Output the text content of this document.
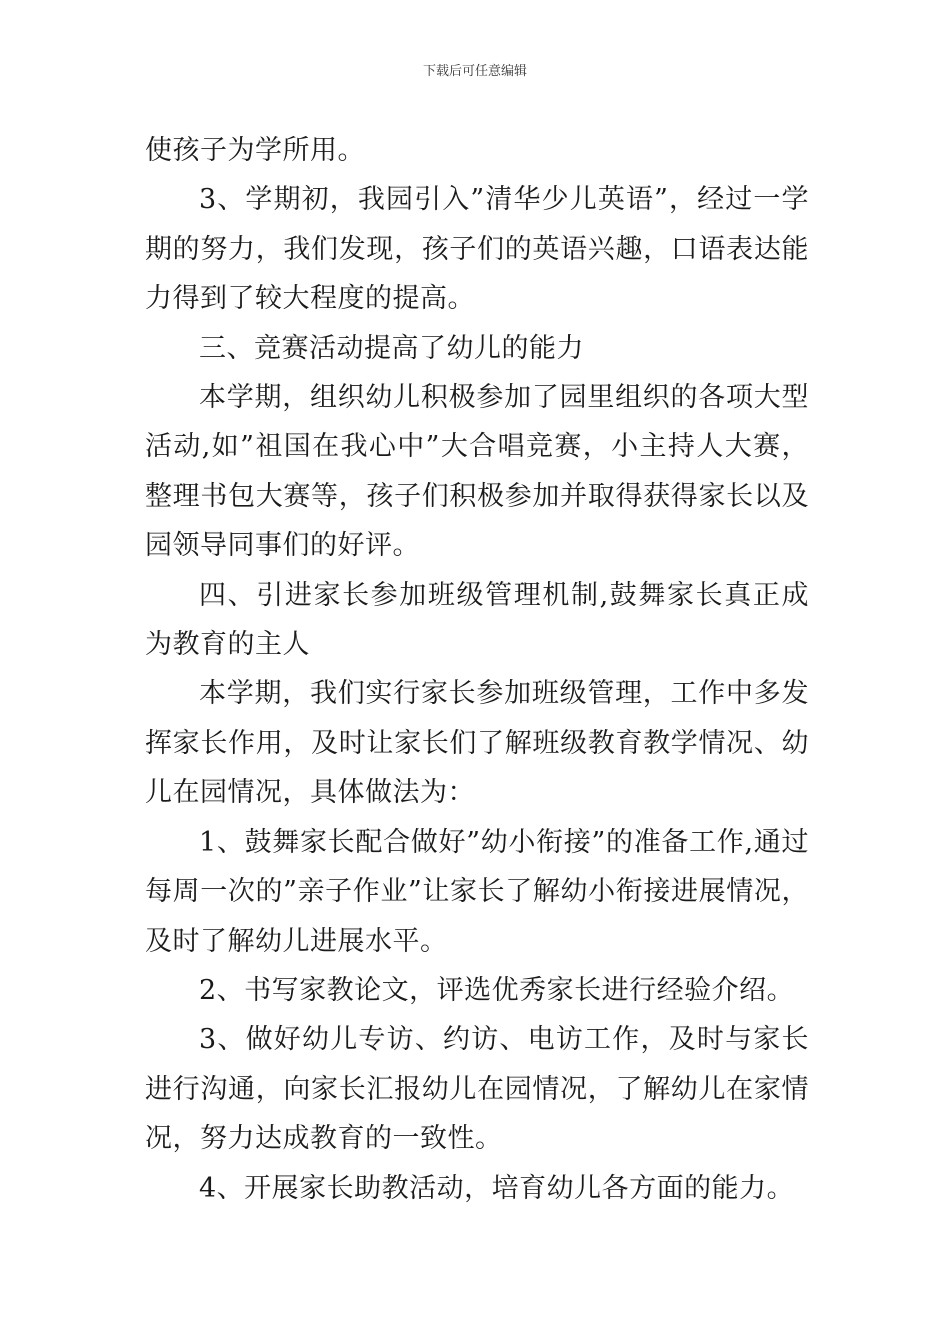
下载后可任意编辑

使孩子为学所用。

3、学期初，我园引入”清华少儿英语”，经过一学期的努力，我们发现，孩子们的英语兴趣，口语表达能力得到了较大程度的提高。

三、竞赛活动提高了幼儿的能力

本学期，组织幼儿积极参加了园里组织的各项大型活动,如”祖国在我心中”大合唱竞赛，小主持人大赛，整理书包大赛等，孩子们积极参加并取得获得家长以及园领导同事们的好评。

四、引进家长参加班级管理机制,鼓舞家长真正成为教育的主人

本学期，我们实行家长参加班级管理，工作中多发挥家长作用，及时让家长们了解班级教育教学情况、幼儿在园情况，具体做法为：

1、鼓舞家长配合做好”幼小衔接”的准备工作,通过每周一次的”亲子作业”让家长了解幼小衔接进展情况，及时了解幼儿进展水平。

2、书写家教论文，评选优秀家长进行经验介绍。

3、做好幼儿专访、约访、电访工作，及时与家长进行沟通，向家长汇报幼儿在园情况，了解幼儿在家情况，努力达成教育的一致性。

4、开展家长助教活动，培育幼儿各方面的能力。
